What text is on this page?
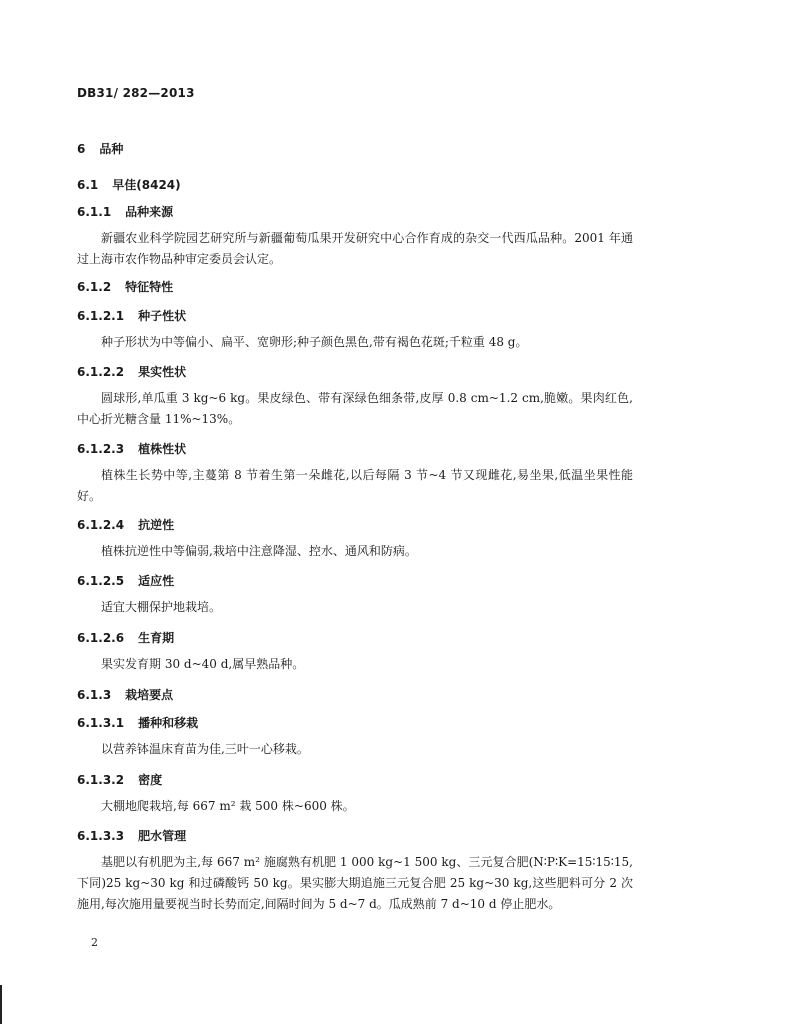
DB31/ 282—2013
6 品种
6.1 早佳(8424)
6.1.1 品种来源
新疆农业科学院园艺研究所与新疆葡萄瓜果开发研究中心合作育成的杂交一代西瓜品种。2001 年通过上海市农作物品种审定委员会认定。
6.1.2 特征特性
6.1.2.1 种子性状
种子形状为中等偏小、扁平、宽卵形;种子颜色黑色,带有褐色花斑;千粒重 48 g。
6.1.2.2 果实性状
圆球形,单瓜重 3 kg~6 kg。果皮绿色、带有深绿色细条带,皮厚 0.8 cm~1.2 cm,脆嫩。果肉红色,中心折光糖含量 11%~13%。
6.1.2.3 植株性状
植株生长势中等,主蔓第 8 节着生第一朵雌花,以后每隔 3 节~4 节又现雌花,易坐果,低温坐果性能好。
6.1.2.4 抗逆性
植株抗逆性中等偏弱,栽培中注意降湿、控水、通风和防病。
6.1.2.5 适应性
适宜大棚保护地栽培。
6.1.2.6 生育期
果实发育期 30 d~40 d,属早熟品种。
6.1.3 栽培要点
6.1.3.1 播种和移栽
以营养钵温床育苗为佳,三叶一心移栽。
6.1.3.2 密度
大棚地爬栽培,每 667 m² 栽 500 株~600 株。
6.1.3.3 肥水管理
基肥以有机肥为主,每 667 m² 施腐熟有机肥 1 000 kg~1 500 kg、三元复合肥(N∶P∶K=15∶15∶15,下同)25 kg~30 kg 和过磷酸钙 50 kg。果实膨大期追施三元复合肥 25 kg~30 kg,这些肥料可分 2 次施用,每次施用量要视当时长势而定,间隔时间为 5 d~7 d。瓜成熟前 7 d~10 d 停止肥水。
2
